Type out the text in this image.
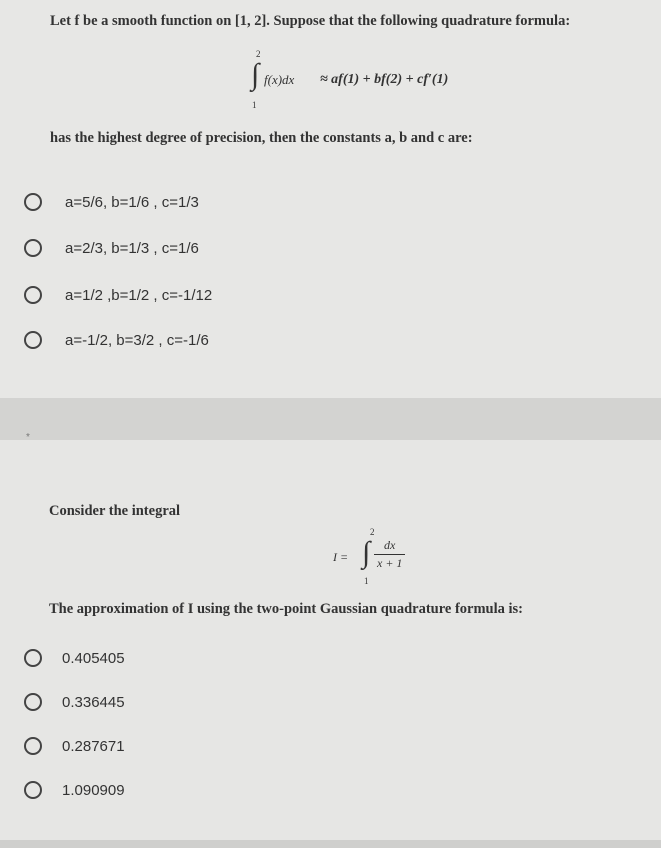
Let f be a smooth function on [1, 2]. Suppose that the following quadrature formula:
2
∫
1
f(x)dx ≈ af(1) + bf(2) + cf′(1)
has the highest degree of precision, then the constants a, b and c are:
a=5/6, b=1/6 , c=1/3
a=2/3, b=1/3 , c=1/6
a=1/2 ,b=1/2 , c=-1/12
a=-1/2, b=3/2 , c=-1/6
*
Consider the integral
I =
2
∫
1
dx
x + 1
The approximation of I using the two-point Gaussian quadrature formula is:
0.405405
0.336445
0.287671
1.090909
